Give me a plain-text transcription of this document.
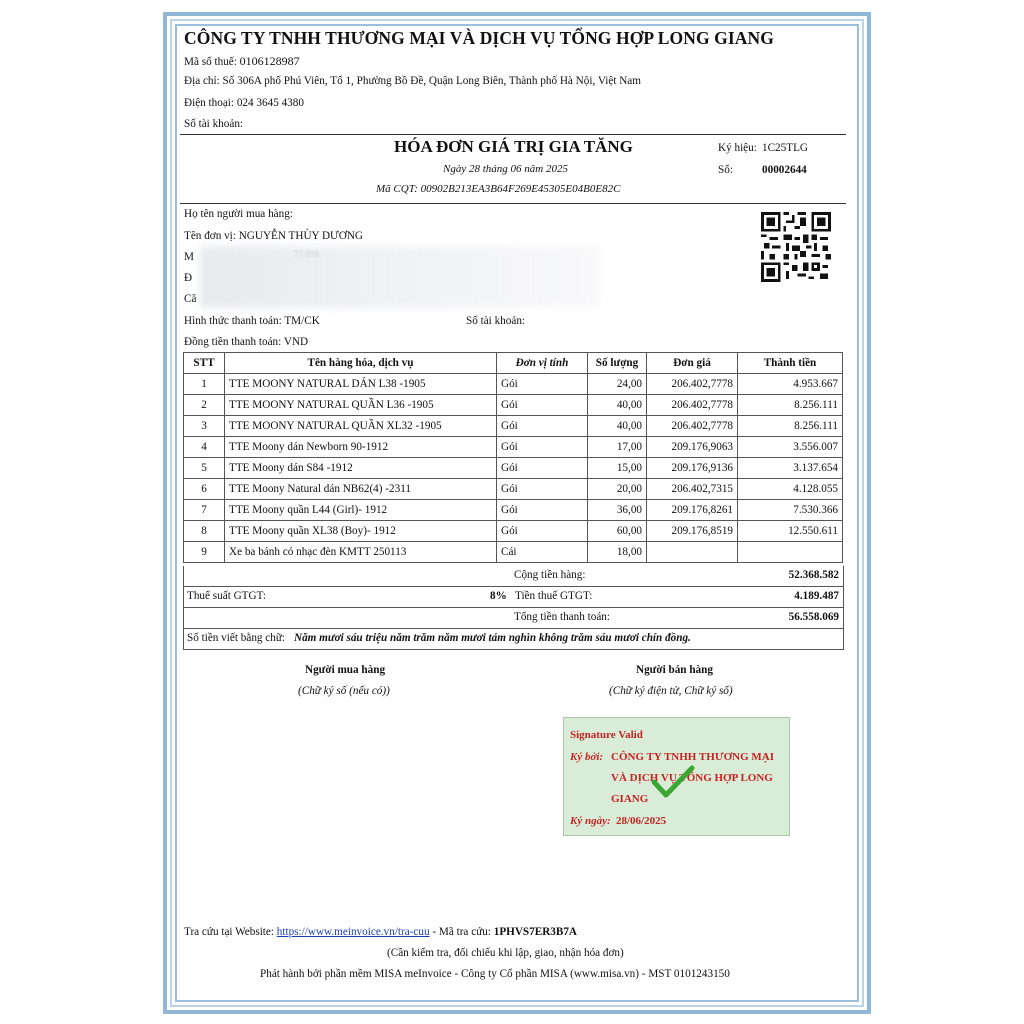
CÔNG TY TNHH THƯƠNG MẠI VÀ DỊCH VỤ TỔNG HỢP LONG GIANG
Mã số thuế: 0106128987
Địa chỉ: Số 306A phố Phú Viên, Tổ 1, Phường Bồ Đề, Quận Long Biên, Thành phố Hà Nội, Việt Nam
Điện thoại: 024 3645 4380
Số tài khoản:
HÓA ĐƠN GIÁ TRỊ GIA TĂNG
Ngày 28 tháng 06 năm 2025
Mã CQT: 00902B213EA3B64F269E45305E04B0E82C
Ký hiệu: 1C25TLG
Số:	00002644
Họ tên người mua hàng:
Tên đơn vị: NGUYỄN THÙY DƯƠNG
M
Đ
Că
Hình thức thanh toán: TM/CK	Số tài khoản:
Đồng tiền thanh toán: VND
STT	Tên hàng hóa, dịch vụ	Đơn vị tính	Số lượng	Đơn giá	Thành tiền
1	TTE MOONY NATURAL DÁN L38 -1905	Gói	24,00	206.402,7778	4.953.667
2	TTE MOONY NATURAL QUẦN L36 -1905	Gói	40,00	206.402,7778	8.256.111
3	TTE MOONY NATURAL QUẦN XL32 -1905	Gói	40,00	206.402,7778	8.256.111
4	TTE Moony dán Newborn 90-1912	Gói	17,00	209.176,9063	3.556.007
5	TTE Moony dán S84 -1912	Gói	15,00	209.176,9136	3.137.654
6	TTE Moony Natural dán NB62(4) -2311	Gói	20,00	206.402,7315	4.128.055
7	TTE Moony quần L44 (Girl)- 1912	Gói	36,00	209.176,8261	7.530.366
8	TTE Moony quần XL38 (Boy)- 1912	Gói	60,00	209.176,8519	12.550.611
9	Xe ba bánh có nhạc đèn KMTT 250113	Cái	18,00		
Cộng tiền hàng:	52.368.582
Thuế suất GTGT:	8% Tiền thuế GTGT:	4.189.487
Tổng tiền thanh toán:	56.558.069
Số tiền viết bằng chữ: Năm mươi sáu triệu năm trăm năm mươi tám nghìn không trăm sáu mươi chín đồng.
Người mua hàng
(Chữ ký số (nếu có))
Người bán hàng
(Chữ ký điện tử, Chữ ký số)
Signature Valid
Ký bởi: CÔNG TY TNHH THƯƠNG MẠI
VÀ DỊCH VỤ TỔNG HỢP LONG
GIANG
Ký ngày: 28/06/2025
Tra cứu tại Website: https://www.meinvoice.vn/tra-cuu - Mã tra cứu: 1PHVS7ER3B7A
(Cần kiểm tra, đối chiếu khi lập, giao, nhận hóa đơn)
Phát hành bởi phần mềm MISA meInvoice - Công ty Cổ phần MISA (www.misa.vn) - MST 0101243150
